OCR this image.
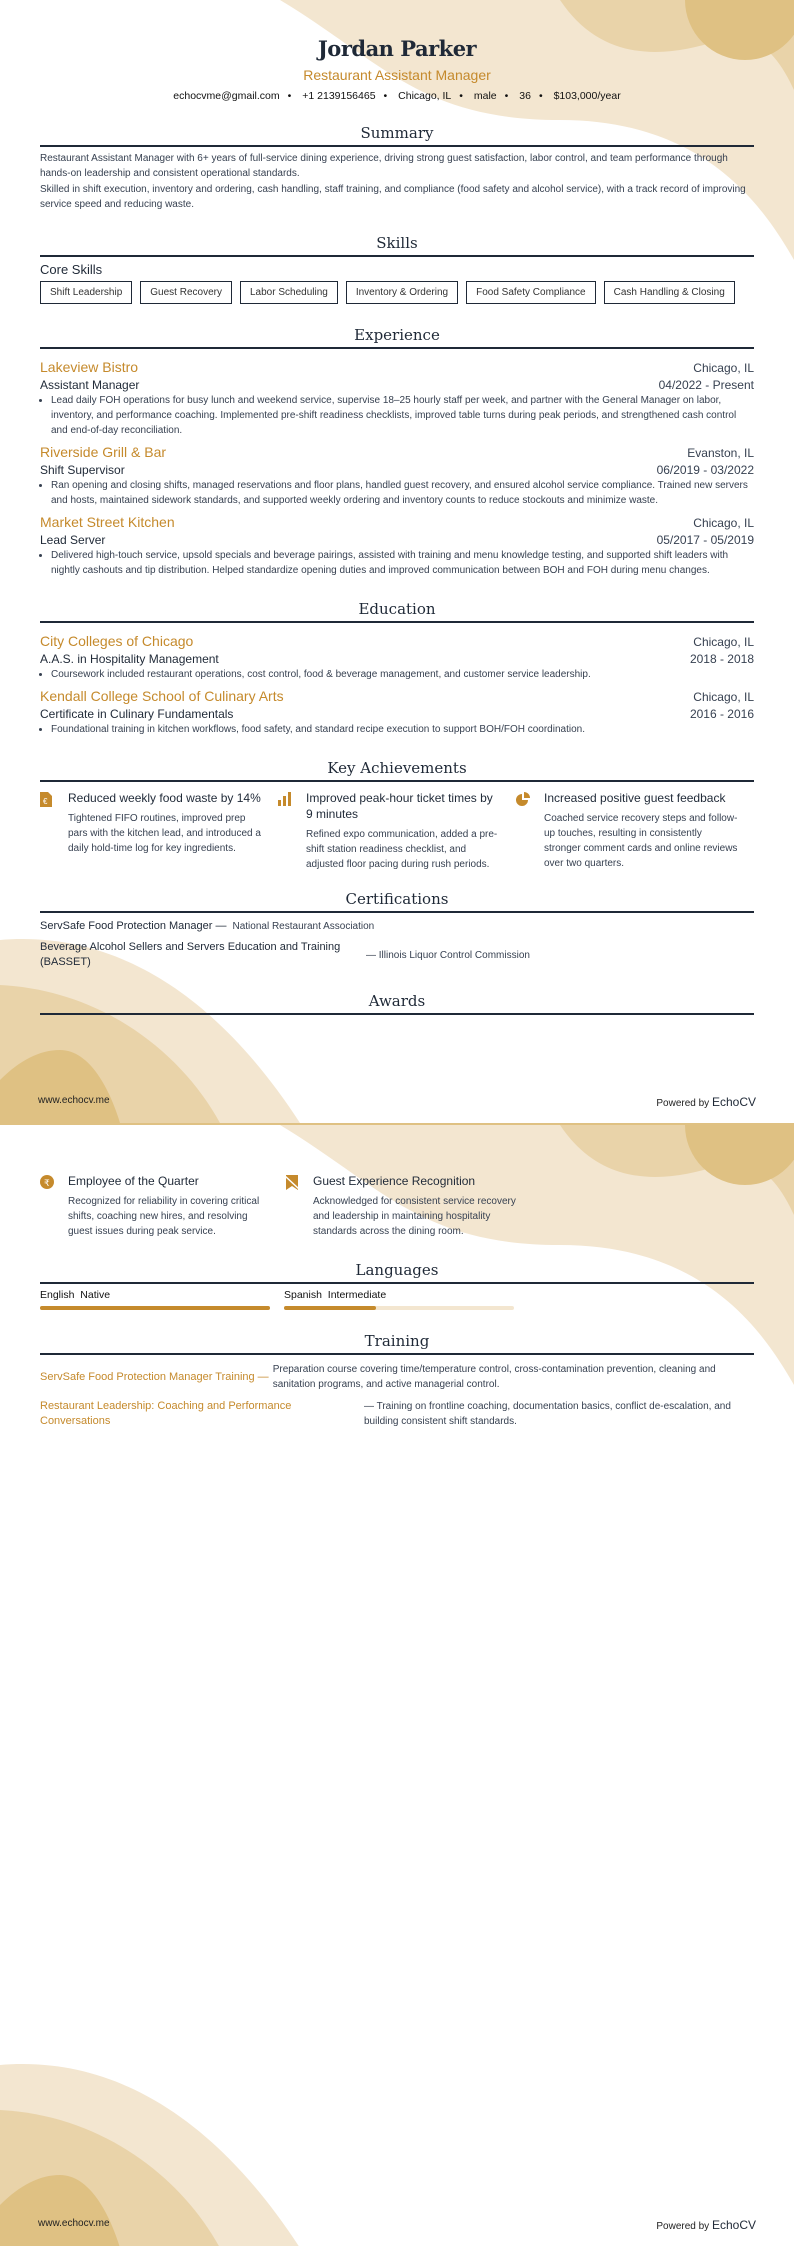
Jordan Parker
Restaurant Assistant Manager
echocvme@gmail.com • +1 2139156465 • Chicago, IL • male • 36 • $103,000/year
Summary

Restaurant Assistant Manager with 6+ years of full-service dining experience, driving strong guest satisfaction, labor control, and team performance through hands-on leadership and consistent operational standards.

Skilled in shift execution, inventory and ordering, cash handling, staff training, and compliance (food safety and alcohol service), with a track record of improving service speed and reducing waste.

Skills
Core Skills
Shift Leadership	Guest Recovery	Labor Scheduling	Inventory & Ordering	Food Safety Compliance	Cash Handling & Closing
Experience
Lakeview Bistro	Chicago, IL
Assistant Manager	04/2022 - Present
• Lead daily FOH operations for busy lunch and weekend service, supervise 18–25 hourly staff per week, and partner with the General Manager on labor, inventory, and performance coaching. Implemented pre-shift readiness checklists, improved table turns during peak periods, and strengthened cash control and end-of-day reconciliation.
Riverside Grill & Bar	Evanston, IL
Shift Supervisor	06/2019 - 03/2022
• Ran opening and closing shifts, managed reservations and floor plans, handled guest recovery, and ensured alcohol service compliance. Trained new servers and hosts, maintained sidework standards, and supported weekly ordering and inventory counts to reduce stockouts and minimize waste.
Market Street Kitchen	Chicago, IL
Lead Server	05/2017 - 05/2019
• Delivered high-touch service, upsold specials and beverage pairings, assisted with training and menu knowledge testing, and supported shift leaders with nightly cashouts and tip distribution. Helped standardize opening duties and improved communication between BOH and FOH during menu changes.
Education
City Colleges of Chicago	Chicago, IL
A.A.S. in Hospitality Management	2018 - 2018
• Coursework included restaurant operations, cost control, food & beverage management, and customer service leadership.
Kendall College School of Culinary Arts	Chicago, IL
Certificate in Culinary Fundamentals	2016 - 2016
• Foundational training in kitchen workflows, food safety, and standard recipe execution to support BOH/FOH coordination.
Key Achievements
€ Reduced weekly food waste by 14%
Tightened FIFO routines, improved prep pars with the kitchen lead, and introduced a daily hold-time log for key ingredients.
Improved peak-hour ticket times by 9 minutes
Refined expo communication, added a pre-shift station readiness checklist, and adjusted floor pacing during rush periods.
Increased positive guest feedback
Coached service recovery steps and follow-up touches, resulting in consistently stronger comment cards and online reviews over two quarters.
Certifications
ServSafe Food Protection Manager — National Restaurant Association
Beverage Alcohol Sellers and Servers Education and Training (BASSET)
— Illinois Liquor Control Commission
Awards
www.echocv.me	Powered by EchoCV
₹ Employee of the Quarter
Recognized for reliability in covering critical shifts, coaching new hires, and resolving guest issues during peak service.
Guest Experience Recognition
Acknowledged for consistent service recovery and leadership in maintaining hospitality standards across the dining room.
Languages
English Native	Spanish Intermediate
Training
ServSafe Food Protection Manager Training —
Preparation course covering time/temperature control, cross-contamination prevention, cleaning and sanitation programs, and active managerial control.
Restaurant Leadership: Coaching and Performance Conversations
— Training on frontline coaching, documentation basics, conflict de-escalation, and building consistent shift standards.
www.echocv.me	Powered by EchoCV
